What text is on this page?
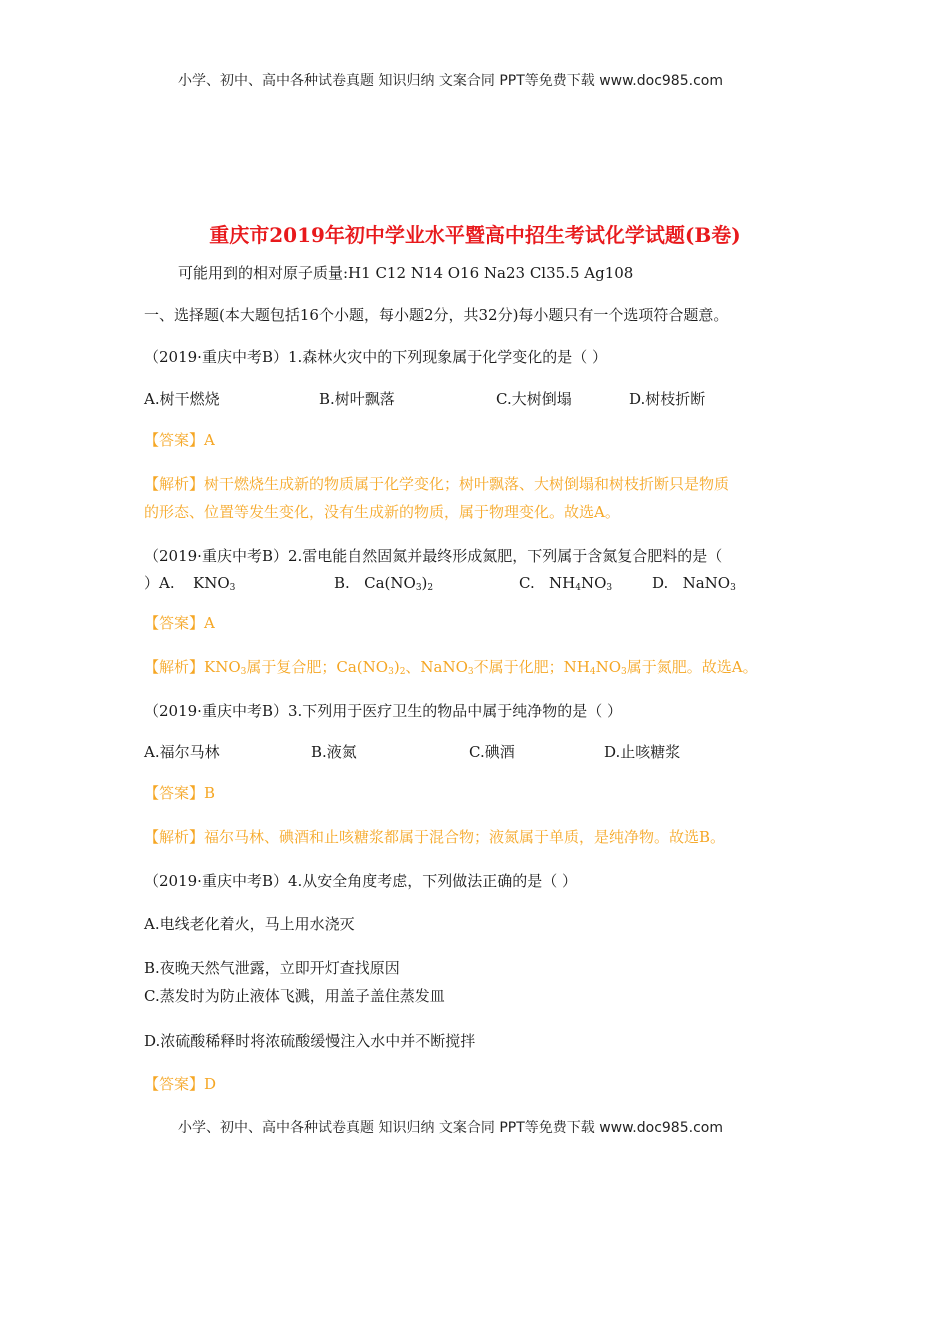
小学、初中、高中各种试卷真题 知识归纳 文案合同 PPT等免费下载 www.doc985.com
重庆市2019年初中学业水平暨高中招生考试化学试题(B卷)
可能用到的相对原子质量:H1 C12 N14 O16 Na23 Cl35.5 Ag108
一、选择题(本大题包括16个小题，每小题2分，共32分)每小题只有一个选项符合题意。
（2019·重庆中考B）1.森林火灾中的下列现象属于化学变化的是（ ）
A.树干燃烧	B.树叶飘落	C.大树倒塌	D.树枝折断
【答案】A
【解析】树干燃烧生成新的物质属于化学变化；树叶飘落、大树倒塌和树枝折断只是物质
的形态、位置等发生变化，没有生成新的物质，属于物理变化。故选A。
（2019·重庆中考B）2.雷电能自然固氮并最终形成氮肥，下列属于含氮复合肥料的是（
）A. $KNO_3$	B. $Ca(NO_3)_2$	C. $NH_4NO_3$	D. NaNO$_3$
【答案】A
【解析】$KNO_3$属于复合肥；$Ca(NO_3)_2$、NaNO$_3$不属于化肥；$NH_4NO_3$属于氮肥。故选A。
（2019·重庆中考B）3.下列用于医疗卫生的物品中属于纯净物的是（ ）
A.福尔马林	B.液氮	C.碘酒	D.止咳糖浆
【答案】B
【解析】福尔马林、碘酒和止咳糖浆都属于混合物；液氮属于单质，是纯净物。故选B。
（2019·重庆中考B）4.从安全角度考虑，下列做法正确的是（ ）
A.电线老化着火，马上用水浇灭
B.夜晚天然气泄露，立即开灯查找原因
C.蒸发时为防止液体飞溅，用盖子盖住蒸发皿
D.浓硫酸稀释时将浓硫酸缓慢注入水中并不断搅拌
【答案】D
小学、初中、高中各种试卷真题 知识归纳 文案合同 PPT等免费下载 www.doc985.com
